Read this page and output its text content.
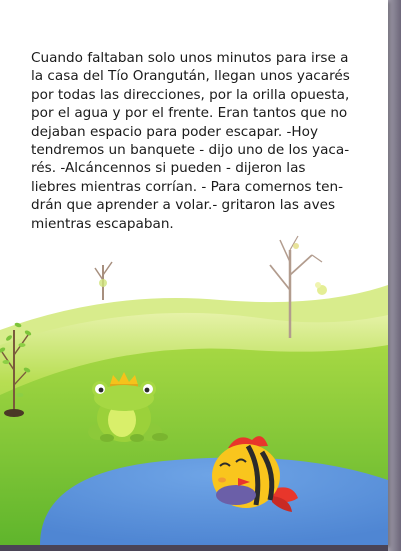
Cuando faltaban solo unos minutos para irse a
la casa del Tío Orangután, llegan unos yacarés
por todas las direcciones, por la orilla opuesta,
por el agua y por el frente. Eran tantos que no
dejaban espacio para poder escapar. -Hoy
tendremos un banquete - dijo uno de los yaca-
rés. -Alcáncennos si pueden - dijeron las
liebres mientras corrían. - Para comernos ten-
drán que aprender a volar.- gritaron las aves
mientras escapaban.
